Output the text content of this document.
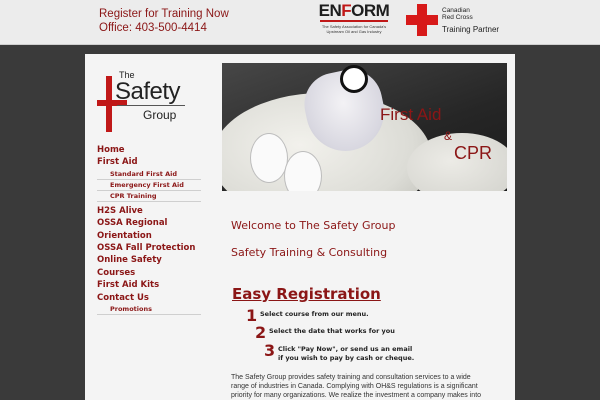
Register for Training Now
Office: 403-500-4414
ENFORM
The Safety Association for Canada's Upstream Oil and Gas Industry
Canadian
Red Cross
Training Partner
The
Safety
Group
Home
First Aid
Standard First Aid
Emergency First Aid
CPR Training
H2S Alive
OSSA Regional
Orientation
OSSA Fall Protection
Online Safety Courses
First Aid Kits
Contact Us
Promotions
First Aid
&
CPR
Welcome to The Safety Group
Safety Training & Consulting
Easy Registration
1 Select course from our menu.
2 Select the date that works for you
3 Click "Pay Now", or send us an email
if you wish to pay by cash or cheque.
The Safety Group provides safety training and consultation services to a wide
range of industries in Canada. Complying with OH&S regulations is a significant
priority for many organizations. We realize the investment a company makes into
